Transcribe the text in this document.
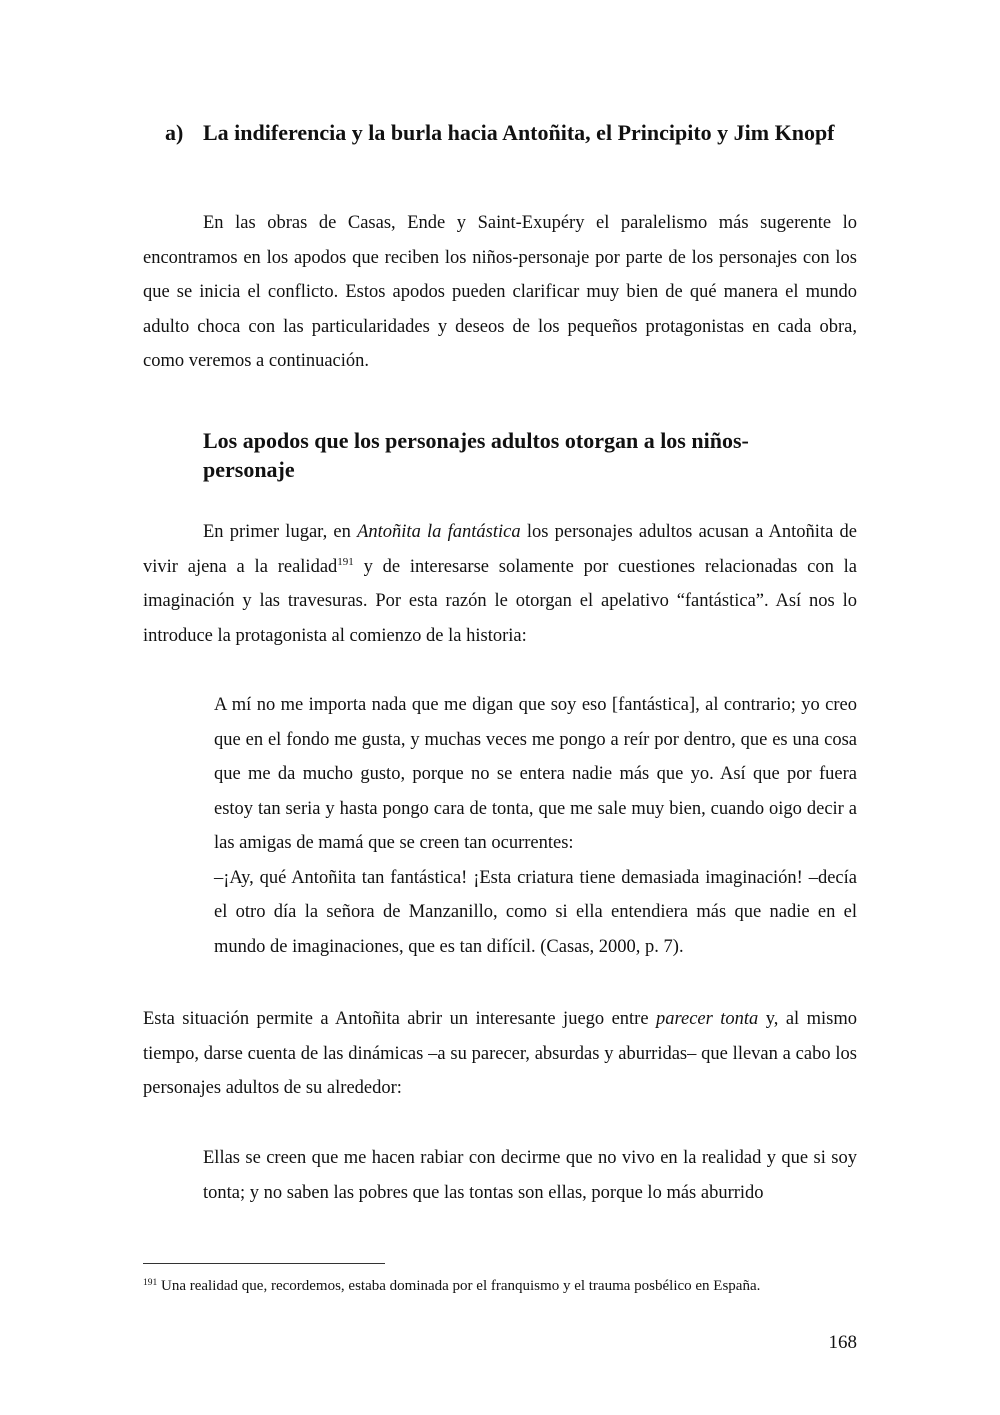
a) La indiferencia y la burla hacia Antoñita, el Principito y Jim Knopf

En las obras de Casas, Ende y Saint-Exupéry el paralelismo más sugerente lo encontramos en los apodos que reciben los niños-personaje por parte de los personajes con los que se inicia el conflicto. Estos apodos pueden clarificar muy bien de qué manera el mundo adulto choca con las particularidades y deseos de los pequeños protagonistas en cada obra, como veremos a continuación.

Los apodos que los personajes adultos otorgan a los niños-personaje

En primer lugar, en Antoñita la fantástica los personajes adultos acusan a Antoñita de vivir ajena a la realidad$^{191}$ y de interesarse solamente por cuestiones relacionadas con la imaginación y las travesuras. Por esta razón le otorgan el apelativo “fantástica”. Así nos lo introduce la protagonista al comienzo de la historia:

A mí no me importa nada que me digan que soy eso [fantástica], al contrario; yo creo que en el fondo me gusta, y muchas veces me pongo a reír por dentro, que es una cosa que me da mucho gusto, porque no se entera nadie más que yo. Así que por fuera estoy tan seria y hasta pongo cara de tonta, que me sale muy bien, cuando oigo decir a las amigas de mamá que se creen tan ocurrentes:
–¡Ay, qué Antoñita tan fantástica! ¡Esta criatura tiene demasiada imaginación! –decía el otro día la señora de Manzanillo, como si ella entendiera más que nadie en el mundo de imaginaciones, que es tan difícil. (Casas, 2000, p. 7).

Esta situación permite a Antoñita abrir un interesante juego entre parecer tonta y, al mismo tiempo, darse cuenta de las dinámicas –a su parecer, absurdas y aburridas– que llevan a cabo los personajes adultos de su alrededor:

Ellas se creen que me hacen rabiar con decirme que no vivo en la realidad y que si soy tonta; y no saben las pobres que las tontas son ellas, porque lo más aburrido

$^{191}$ Una realidad que, recordemos, estaba dominada por el franquismo y el trauma posbélico en España.
168
